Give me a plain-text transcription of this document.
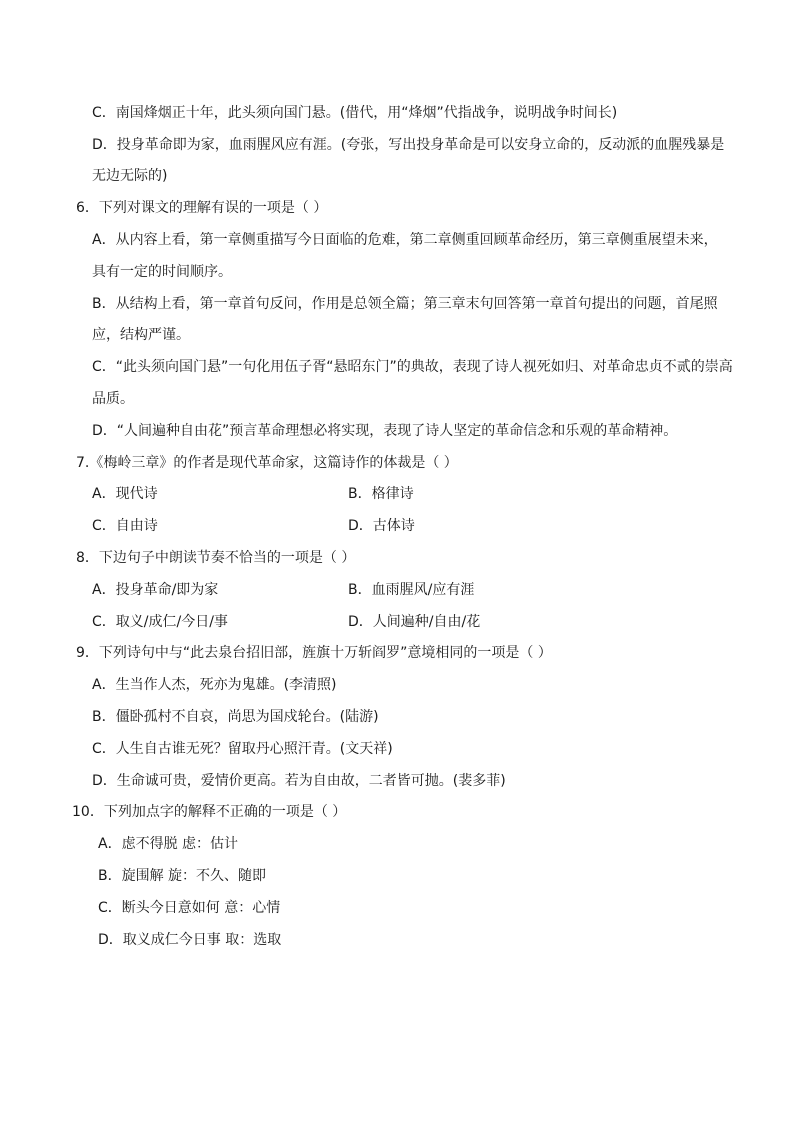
C．南国烽烟正十年，此头须向国门悬。(借代，用“烽烟”代指战争，说明战争时间长)
D．投身革命即为家，血雨腥风应有涯。(夸张，写出投身革命是可以安身立命的，反动派的血腥残暴是
无边无际的)
6．下列对课文的理解有误的一项是（ ）
A．从内容上看，第一章侧重描写今日面临的危难，第二章侧重回顾革命经历，第三章侧重展望未来，
具有一定的时间顺序。
B．从结构上看，第一章首句反问，作用是总领全篇；第三章末句回答第一章首句提出的问题，首尾照
应，结构严谨。
C．“此头须向国门悬”一句化用伍子胥“悬昭东门”的典故，表现了诗人视死如归、对革命忠贞不贰的崇高
品质。
D．“人间遍种自由花”预言革命理想必将实现，表现了诗人坚定的革命信念和乐观的革命精神。
7.《梅岭三章》的作者是现代革命家，这篇诗作的体裁是（ ）
A．现代诗	B．格律诗
C．自由诗	D．古体诗
8．下边句子中朗读节奏不恰当的一项是（ ）
A．投身革命/即为家	B．血雨腥风/应有涯
C．取义/成仁/今日/事	D．人间遍种/自由/花
9．下列诗句中与“此去泉台招旧部，旌旗十万斩阎罗”意境相同的一项是（ ）
A．生当作人杰，死亦为鬼雄。(李清照)
B．僵卧孤村不自哀，尚思为国戍轮台。(陆游)
C．人生自古谁无死？留取丹心照汗青。(文天祥)
D．生命诚可贵，爱情价更高。若为自由故，二者皆可抛。(裴多菲)
10．下列加点字的解释不正确的一项是（ ）
A．虑不得脱 虑：估计
B．旋围解 旋：不久、随即
C．断头今日意如何 意：心情
D．取义成仁今日事 取：选取
